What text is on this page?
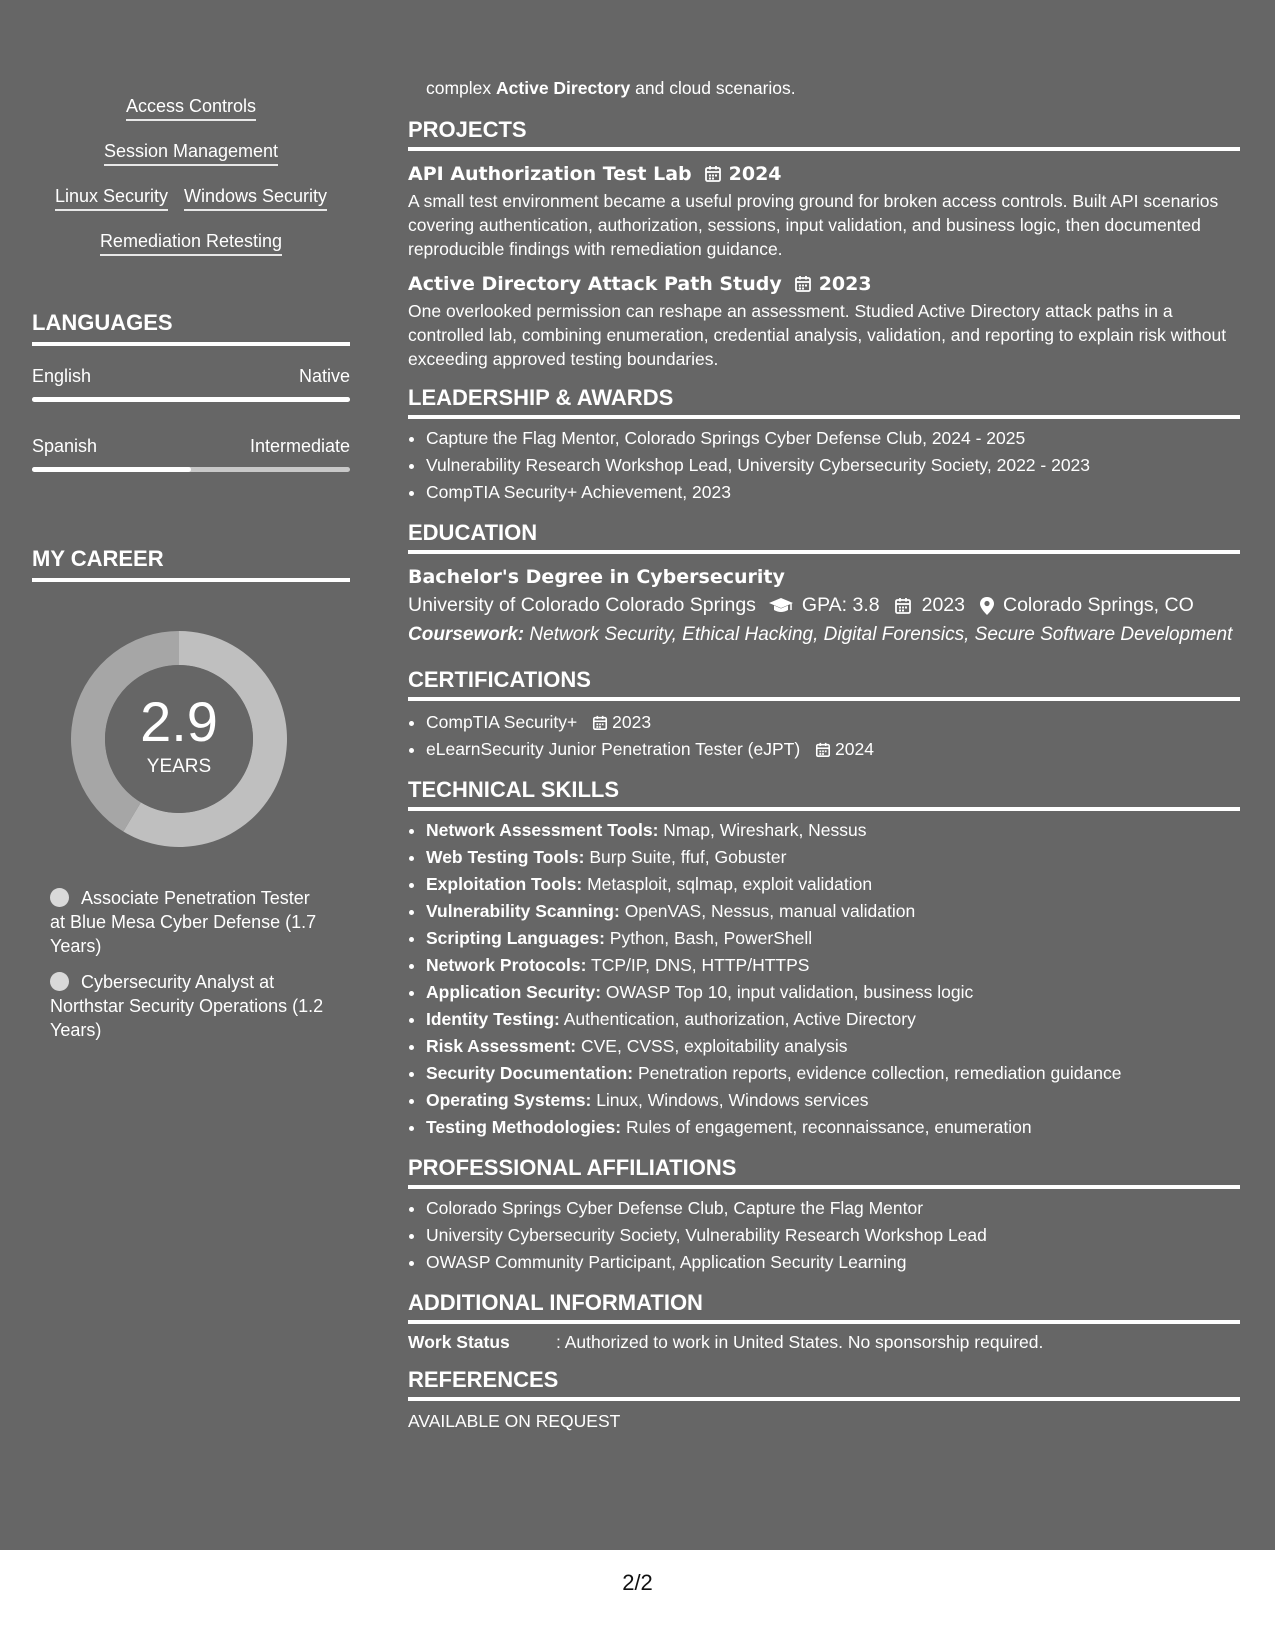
Access Controls
Session Management
Linux Security Windows Security
Remediation Retesting
LANGUAGES
English	Native
Spanish	Intermediate
MY CAREER
2.9
YEARS
Associate Penetration Tester at Blue Mesa Cyber Defense (1.7 Years)
Cybersecurity Analyst at Northstar Security Operations (1.2 Years)
complex Active Directory and cloud scenarios.
PROJECTS
API Authorization Test Lab 2024
A small test environment became a useful proving ground for broken access controls. Built API scenarios covering authentication, authorization, sessions, input validation, and business logic, then documented reproducible findings with remediation guidance.
Active Directory Attack Path Study 2023
One overlooked permission can reshape an assessment. Studied Active Directory attack paths in a controlled lab, combining enumeration, credential analysis, validation, and reporting to explain risk without exceeding approved testing boundaries.
LEADERSHIP & AWARDS
• Capture the Flag Mentor, Colorado Springs Cyber Defense Club, 2024 - 2025
• Vulnerability Research Workshop Lead, University Cybersecurity Society, 2022 - 2023
• CompTIA Security+ Achievement, 2023
EDUCATION
Bachelor's Degree in Cybersecurity
University of Colorado Colorado Springs GPA: 3.8 2023 Colorado Springs, CO
Coursework: Network Security, Ethical Hacking, Digital Forensics, Secure Software Development
CERTIFICATIONS
• CompTIA Security+ 2023
• eLearnSecurity Junior Penetration Tester (eJPT) 2024
TECHNICAL SKILLS
• Network Assessment Tools: Nmap, Wireshark, Nessus
• Web Testing Tools: Burp Suite, ffuf, Gobuster
• Exploitation Tools: Metasploit, sqlmap, exploit validation
• Vulnerability Scanning: OpenVAS, Nessus, manual validation
• Scripting Languages: Python, Bash, PowerShell
• Network Protocols: TCP/IP, DNS, HTTP/HTTPS
• Application Security: OWASP Top 10, input validation, business logic
• Identity Testing: Authentication, authorization, Active Directory
• Risk Assessment: CVE, CVSS, exploitability analysis
• Security Documentation: Penetration reports, evidence collection, remediation guidance
• Operating Systems: Linux, Windows, Windows services
• Testing Methodologies: Rules of engagement, reconnaissance, enumeration
PROFESSIONAL AFFILIATIONS
• Colorado Springs Cyber Defense Club, Capture the Flag Mentor
• University Cybersecurity Society, Vulnerability Research Workshop Lead
• OWASP Community Participant, Application Security Learning
ADDITIONAL INFORMATION
Work Status	: Authorized to work in United States. No sponsorship required.
REFERENCES
AVAILABLE ON REQUEST
2/2
